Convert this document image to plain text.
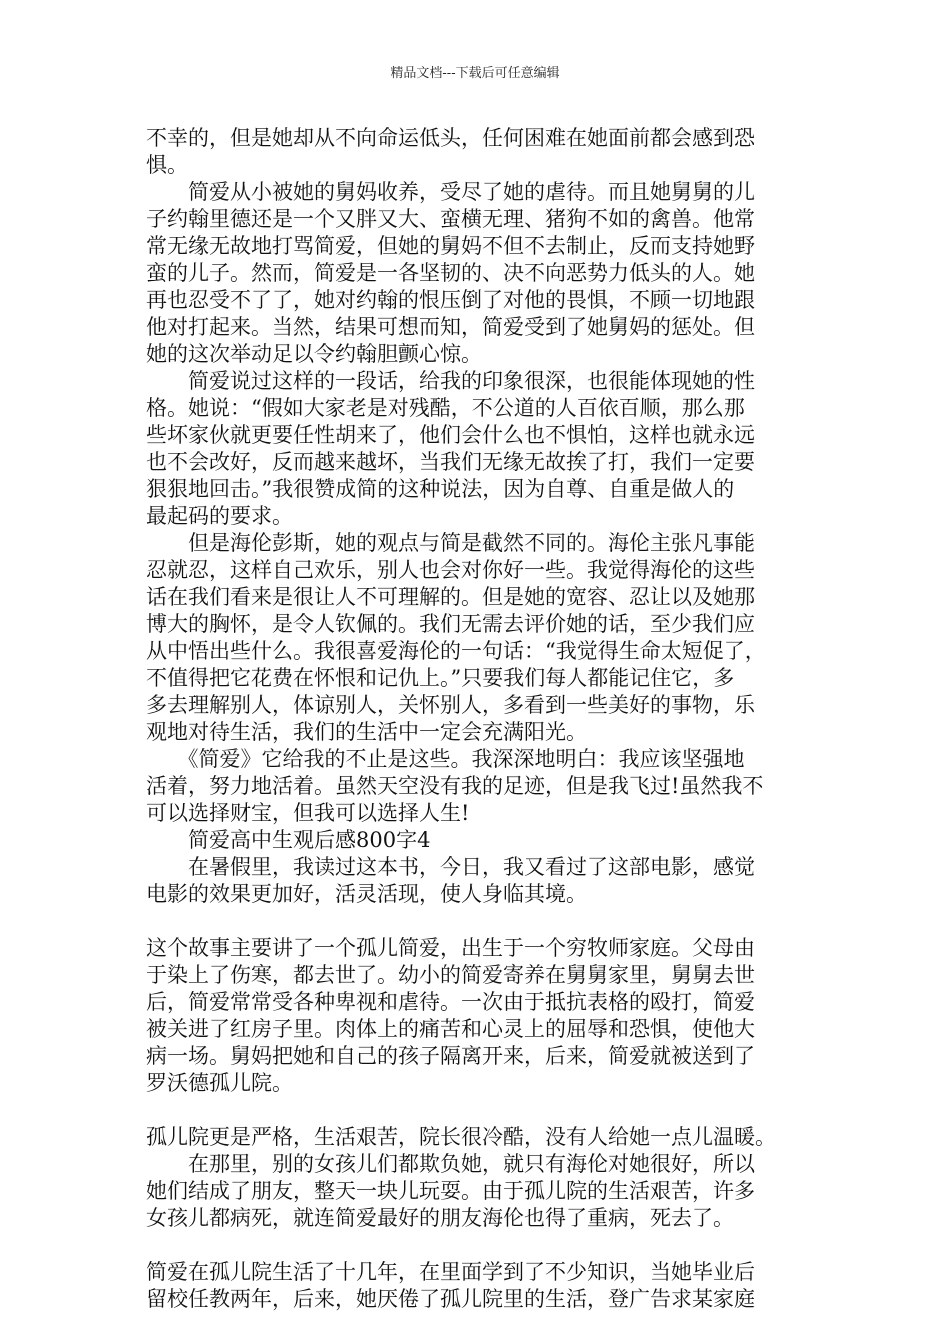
精品文档---下载后可任意编辑
不幸的，但是她却从不向命运低头，任何困难在她面前都会感到恐
惧。
　　简爱从小被她的舅妈收养，受尽了她的虐待。而且她舅舅的儿
子约翰里德还是一个又胖又大、蛮横无理、猪狗不如的禽兽。他常
常无缘无故地打骂简爱，但她的舅妈不但不去制止，反而支持她野
蛮的儿子。然而，简爱是一各坚韧的、决不向恶势力低头的人。她
再也忍受不了了，她对约翰的恨压倒了对他的畏惧，不顾一切地跟
他对打起来。当然，结果可想而知，简爱受到了她舅妈的惩处。但
她的这次举动足以令约翰胆颤心惊。
　　简爱说过这样的一段话，给我的印象很深，也很能体现她的性
格。她说：“假如大家老是对残酷，不公道的人百依百顺，那么那
些坏家伙就更要任性胡来了，他们会什么也不惧怕，这样也就永远
也不会改好，反而越来越坏，当我们无缘无故挨了打，我们一定要
狠狠地回击。”我很赞成简的这种说法，因为自尊、自重是做人的
最起码的要求。
　　但是海伦彭斯，她的观点与简是截然不同的。海伦主张凡事能
忍就忍，这样自己欢乐，别人也会对你好一些。我觉得海伦的这些
话在我们看来是很让人不可理解的。但是她的宽容、忍让以及她那
博大的胸怀，是令人钦佩的。我们无需去评价她的话，至少我们应
从中悟出些什么。我很喜爱海伦的一句话：“我觉得生命太短促了，
不值得把它花费在怀恨和记仇上。”只要我们每人都能记住它，多
多去理解别人，体谅别人，关怀别人，多看到一些美好的事物，乐
观地对待生活，我们的生活中一定会充满阳光。
　　《简爱》它给我的不止是这些。我深深地明白：我应该坚强地
活着，努力地活着。虽然天空没有我的足迹，但是我飞过!虽然我不
可以选择财宝，但我可以选择人生!
　　简爱高中生观后感800字4
　　在暑假里，我读过这本书，今日，我又看过了这部电影，感觉
电影的效果更加好，活灵活现，使人身临其境。
这个故事主要讲了一个孤儿简爱，出生于一个穷牧师家庭。父母由
于染上了伤寒，都去世了。幼小的简爱寄养在舅舅家里，舅舅去世
后，简爱常常受各种卑视和虐待。一次由于抵抗表格的殴打，简爱
被关进了红房子里。肉体上的痛苦和心灵上的屈辱和恐惧，使他大
病一场。舅妈把她和自己的孩子隔离开来，后来，简爱就被送到了
罗沃德孤儿院。
孤儿院更是严格，生活艰苦，院长很冷酷，没有人给她一点儿温暖。
　　在那里，别的女孩儿们都欺负她，就只有海伦对她很好，所以
她们结成了朋友，整天一块儿玩耍。由于孤儿院的生活艰苦，许多
女孩儿都病死，就连简爱最好的朋友海伦也得了重病，死去了。
简爱在孤儿院生活了十几年，在里面学到了不少知识，当她毕业后
留校任教两年，后来，她厌倦了孤儿院里的生活，登广告求某家庭
